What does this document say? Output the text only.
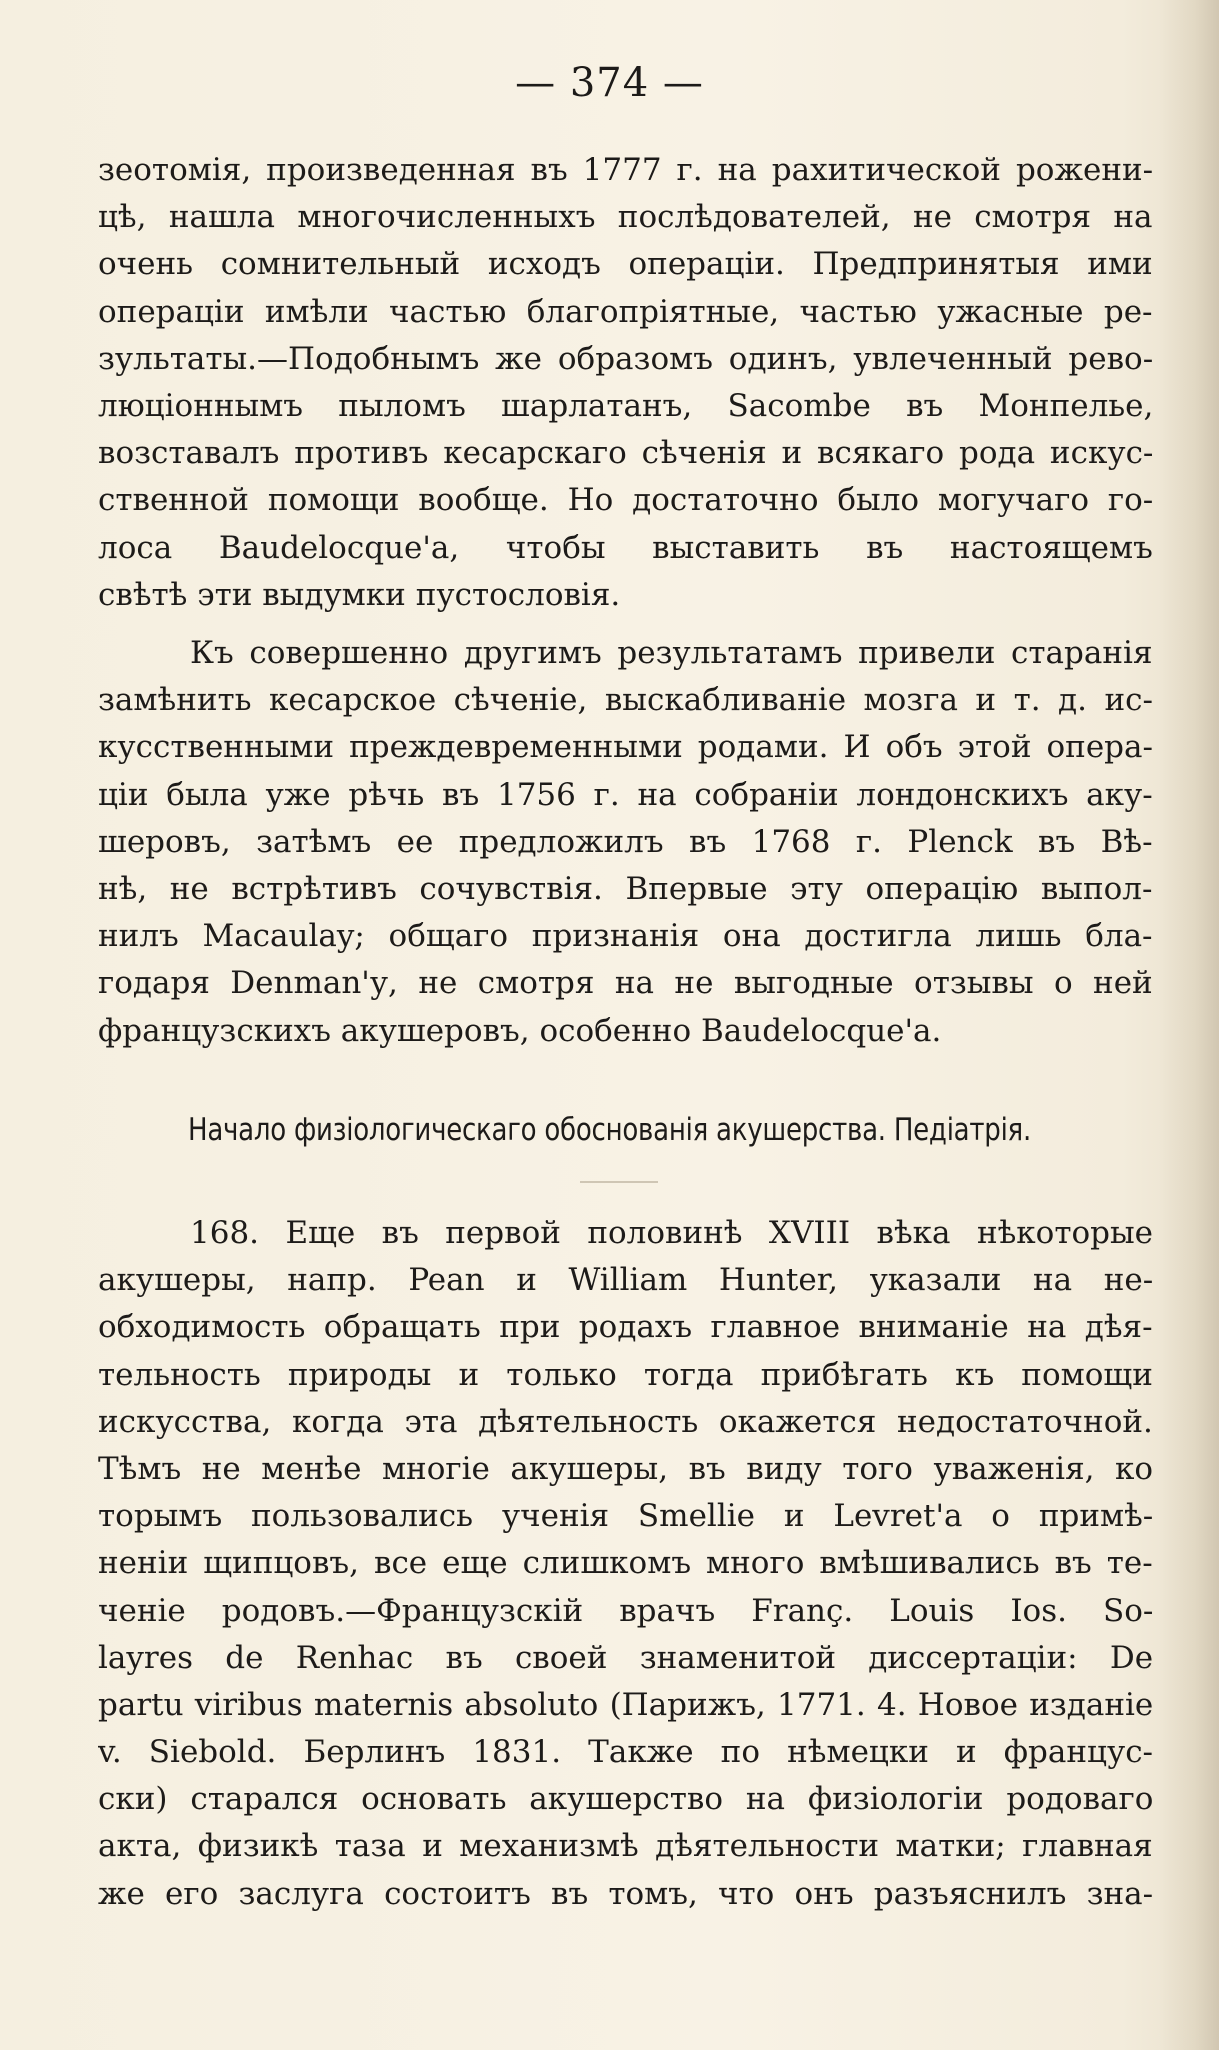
— 374 —
зеотомія, произведенная въ 1777 г. на рахитической рожени-
цѣ, нашла многочисленныхъ послѣдователей, не смотря на
очень сомнительный исходъ операціи. Предпринятыя ими
операціи имѣли частью благопріятные, частью ужасные ре-
зультаты.—Подобнымъ же образомъ одинъ, увлеченный рево-
люціоннымъ пыломъ шарлатанъ, Sacombe въ Монпелье,
возставалъ противъ кесарскаго сѣченія и всякаго рода искус-
ственной помощи вообще. Но достаточно было могучаго го-
лоса Baudelocque'a, чтобы выставить въ настоящемъ
свѣтѣ эти выдумки пустословія.
Къ совершенно другимъ результатамъ привели старанія
замѣнить кесарское сѣченіе, выскабливаніе мозга и т. д. ис-
кусственными преждевременными родами. И объ этой опера-
ціи была уже рѣчь въ 1756 г. на собраніи лондонскихъ аку-
шеровъ, затѣмъ ее предложилъ въ 1768 г. Plenck въ Вѣ-
нѣ, не встрѣтивъ сочувствія. Впервые эту операцію выпол-
нилъ Macaulay; общаго признанія она достигла лишь бла-
годаря Denman'у, не смотря на не выгодные отзывы о ней
французскихъ акушеровъ, особенно Baudelocque'a.
Начало физіологическаго обоснованія акушерства. Педіатрія.
168. Еще въ первой половинѣ XVIII вѣка нѣкоторые
акушеры, напр. Pean и William Hunter, указали на не-
обходимость обращать при родахъ главное вниманіе на дѣя-
тельность природы и только тогда прибѣгать къ помощи
искусства, когда эта дѣятельность окажется недостаточной.
Тѣмъ не менѣе многіе акушеры, въ виду того уваженія, ко
торымъ пользовались ученія Smellie и Levret'a о примѣ-
неніи щипцовъ, все еще слишкомъ много вмѣшивались въ те-
ченіе родовъ.—Французскій врачъ Franç. Louis Ios. So-
layres de Renhac въ своей знаменитой диссертаціи: De
partu viribus maternis absoluto (Парижъ, 1771. 4. Новое изданіе
v. Siebold. Берлинъ 1831. Также по нѣмецки и францус-
ски) старался основать акушерство на физіологіи родоваго
акта, физикѣ таза и механизмѣ дѣятельности матки; главная
же его заслуга состоитъ въ томъ, что онъ разъяснилъ зна-
